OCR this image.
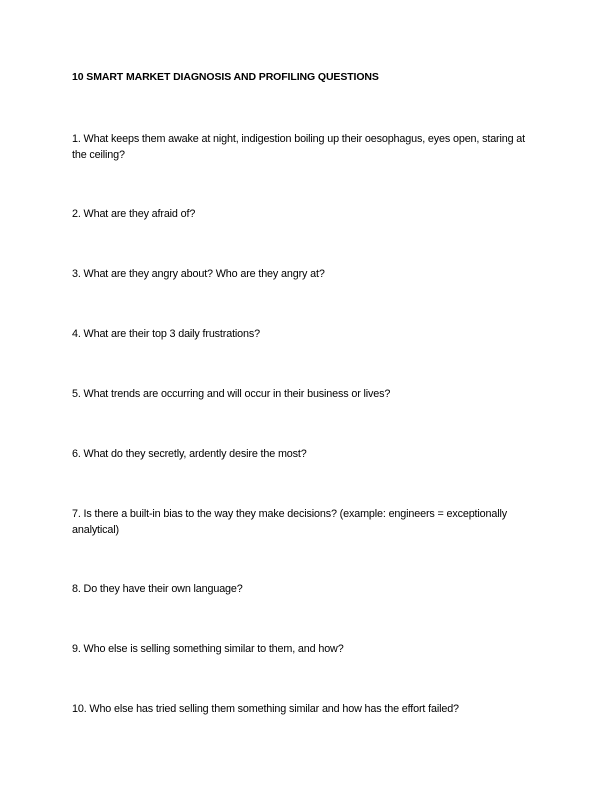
10 SMART MARKET DIAGNOSIS AND PROFILING QUESTIONS
1. What keeps them awake at night, indigestion boiling up their oesophagus, eyes open, staring at the ceiling?
2. What are they afraid of?
3. What are they angry about? Who are they angry at?
4. What are their top 3 daily frustrations?
5. What trends are occurring and will occur in their business or lives?
6. What do they secretly, ardently desire the most?
7. Is there a built-in bias to the way they make decisions? (example: engineers = exceptionally analytical)
8. Do they have their own language?
9. Who else is selling something similar to them, and how?
10. Who else has tried selling them something similar and how has the effort failed?
